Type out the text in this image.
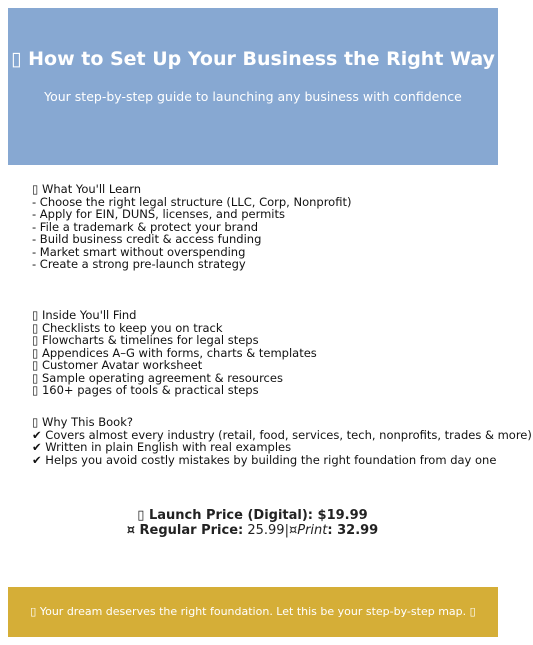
▯ How to Set Up Your Business the Right Way

Your step-by-step guide to launching any business with confidence

▯ What You'll Learn
- Choose the right legal structure (LLC, Corp, Nonprofit)
- Apply for EIN, DUNS, licenses, and permits
- File a trademark & protect your brand
- Build business credit & access funding
- Market smart without overspending
- Create a strong pre-launch strategy
▯ Inside You'll Find
▯ Checklists to keep you on track
▯ Flowcharts & timelines for legal steps
▯ Appendices A–G with forms, charts & templates
▯ Customer Avatar worksheet
▯ Sample operating agreement & resources
▯ 160+ pages of tools & practical steps
▯ Why This Book?
✔ Covers almost every industry (retail, food, services, tech, nonprofits, trades & more)
✔ Written in plain English with real examples
✔ Helps you avoid costly mistakes by building the right foundation from day one
▯ Launch Price (Digital): $19.99
¤ Regular Price: 25.99|¤Print: 32.99
▯ Your dream deserves the right foundation. Let this be your step-by-step map. ▯
